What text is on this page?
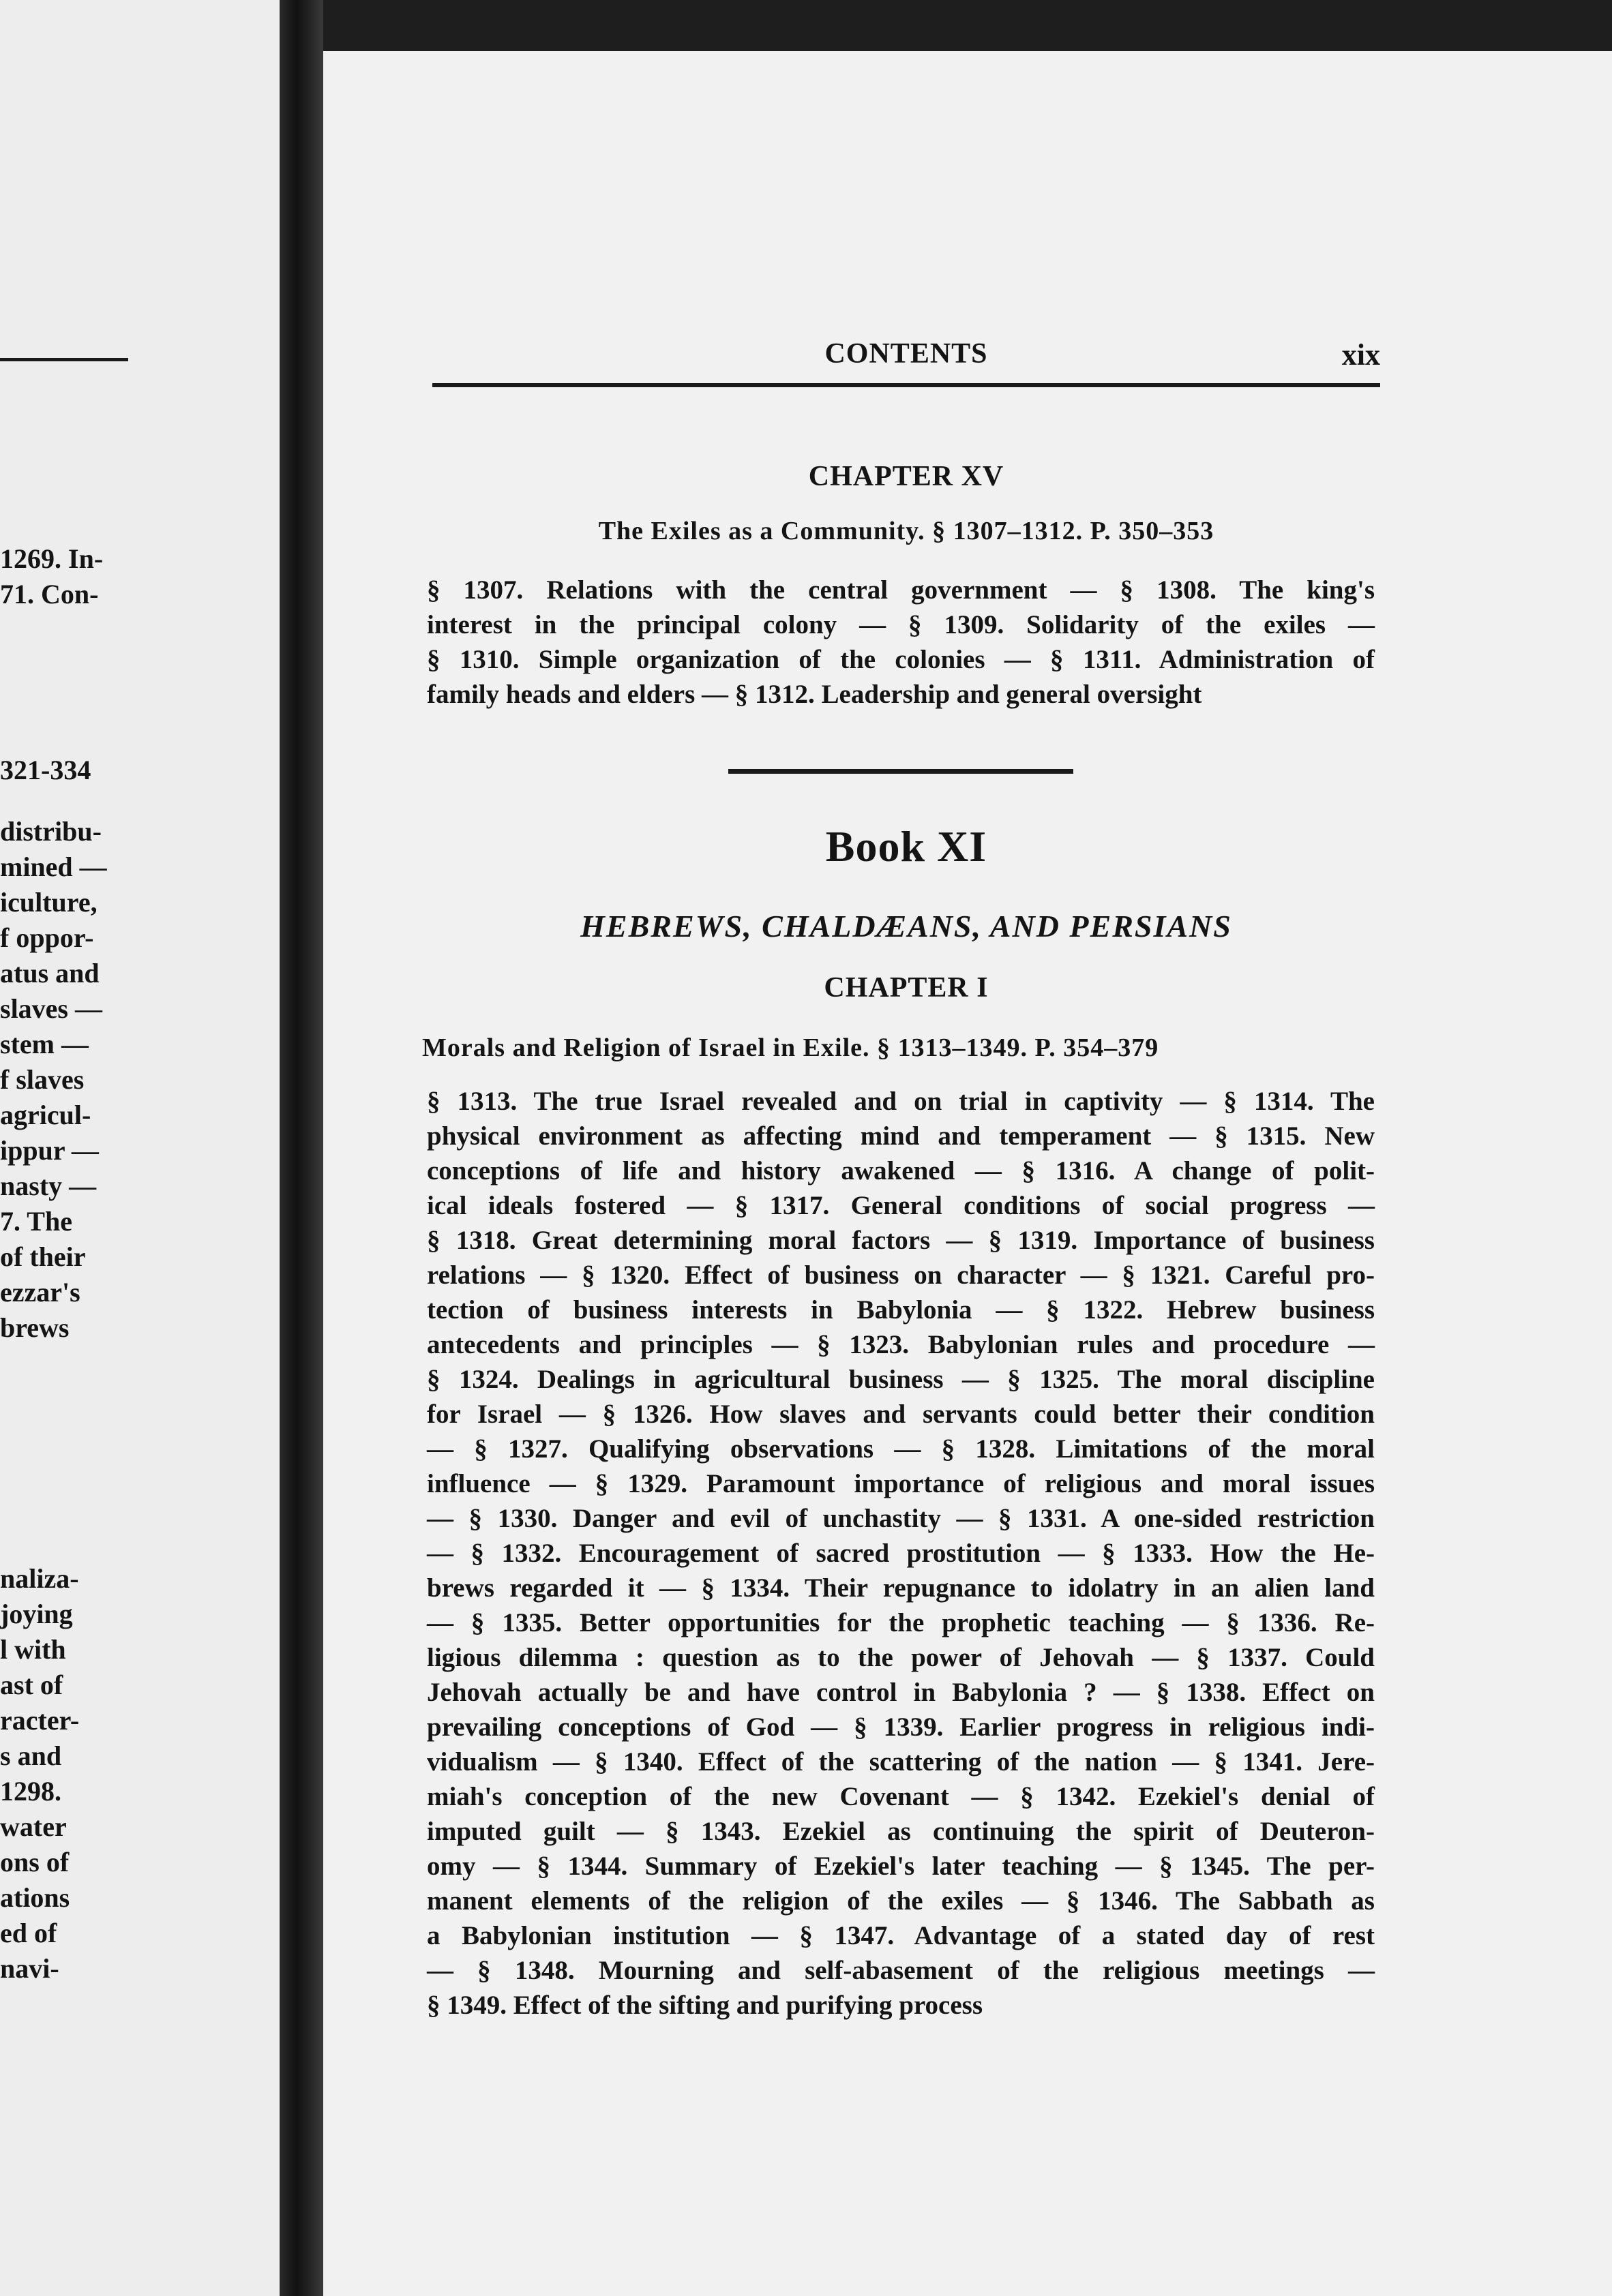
1269. In-
71. Con-
321-334
distribu-
mined —
iculture,
f oppor-
atus and
slaves —
stem —
f slaves
agricul-
ippur —
nasty —
7. The
of their
ezzar's
brews
naliza-
joying
l with
ast of
racter-
s and
1298.
water
ons of
ations
ed of
navi-
CONTENTS	xix
CHAPTER XV
The Exiles as a Community. § 1307–1312. P. 350–353
§ 1307. Relations with the central government — § 1308. The king's
interest in the principal colony — § 1309. Solidarity of the exiles —
§ 1310. Simple organization of the colonies — § 1311. Administration of
family heads and elders — § 1312. Leadership and general oversight
Book XI
HEBREWS, CHALDÆANS, AND PERSIANS
CHAPTER I
Morals and Religion of Israel in Exile. § 1313–1349. P. 354–379
§ 1313. The true Israel revealed and on trial in captivity — § 1314. The
physical environment as affecting mind and temperament — § 1315. New
conceptions of life and history awakened — § 1316. A change of polit-
ical ideals fostered — § 1317. General conditions of social progress —
§ 1318. Great determining moral factors — § 1319. Importance of business
relations — § 1320. Effect of business on character — § 1321. Careful pro-
tection of business interests in Babylonia — § 1322. Hebrew business
antecedents and principles — § 1323. Babylonian rules and procedure —
§ 1324. Dealings in agricultural business — § 1325. The moral discipline
for Israel — § 1326. How slaves and servants could better their condition
— § 1327. Qualifying observations — § 1328. Limitations of the moral
influence — § 1329. Paramount importance of religious and moral issues
— § 1330. Danger and evil of unchastity — § 1331. A one-sided restriction
— § 1332. Encouragement of sacred prostitution — § 1333. How the He-
brews regarded it — § 1334. Their repugnance to idolatry in an alien land
— § 1335. Better opportunities for the prophetic teaching — § 1336. Re-
ligious dilemma : question as to the power of Jehovah — § 1337. Could
Jehovah actually be and have control in Babylonia ? — § 1338. Effect on
prevailing conceptions of God — § 1339. Earlier progress in religious indi-
vidualism — § 1340. Effect of the scattering of the nation — § 1341. Jere-
miah's conception of the new Covenant — § 1342. Ezekiel's denial of
imputed guilt — § 1343. Ezekiel as continuing the spirit of Deuteron-
omy — § 1344. Summary of Ezekiel's later teaching — § 1345. The per-
manent elements of the religion of the exiles — § 1346. The Sabbath as
a Babylonian institution — § 1347. Advantage of a stated day of rest
— § 1348. Mourning and self-abasement of the religious meetings —
§ 1349. Effect of the sifting and purifying process
